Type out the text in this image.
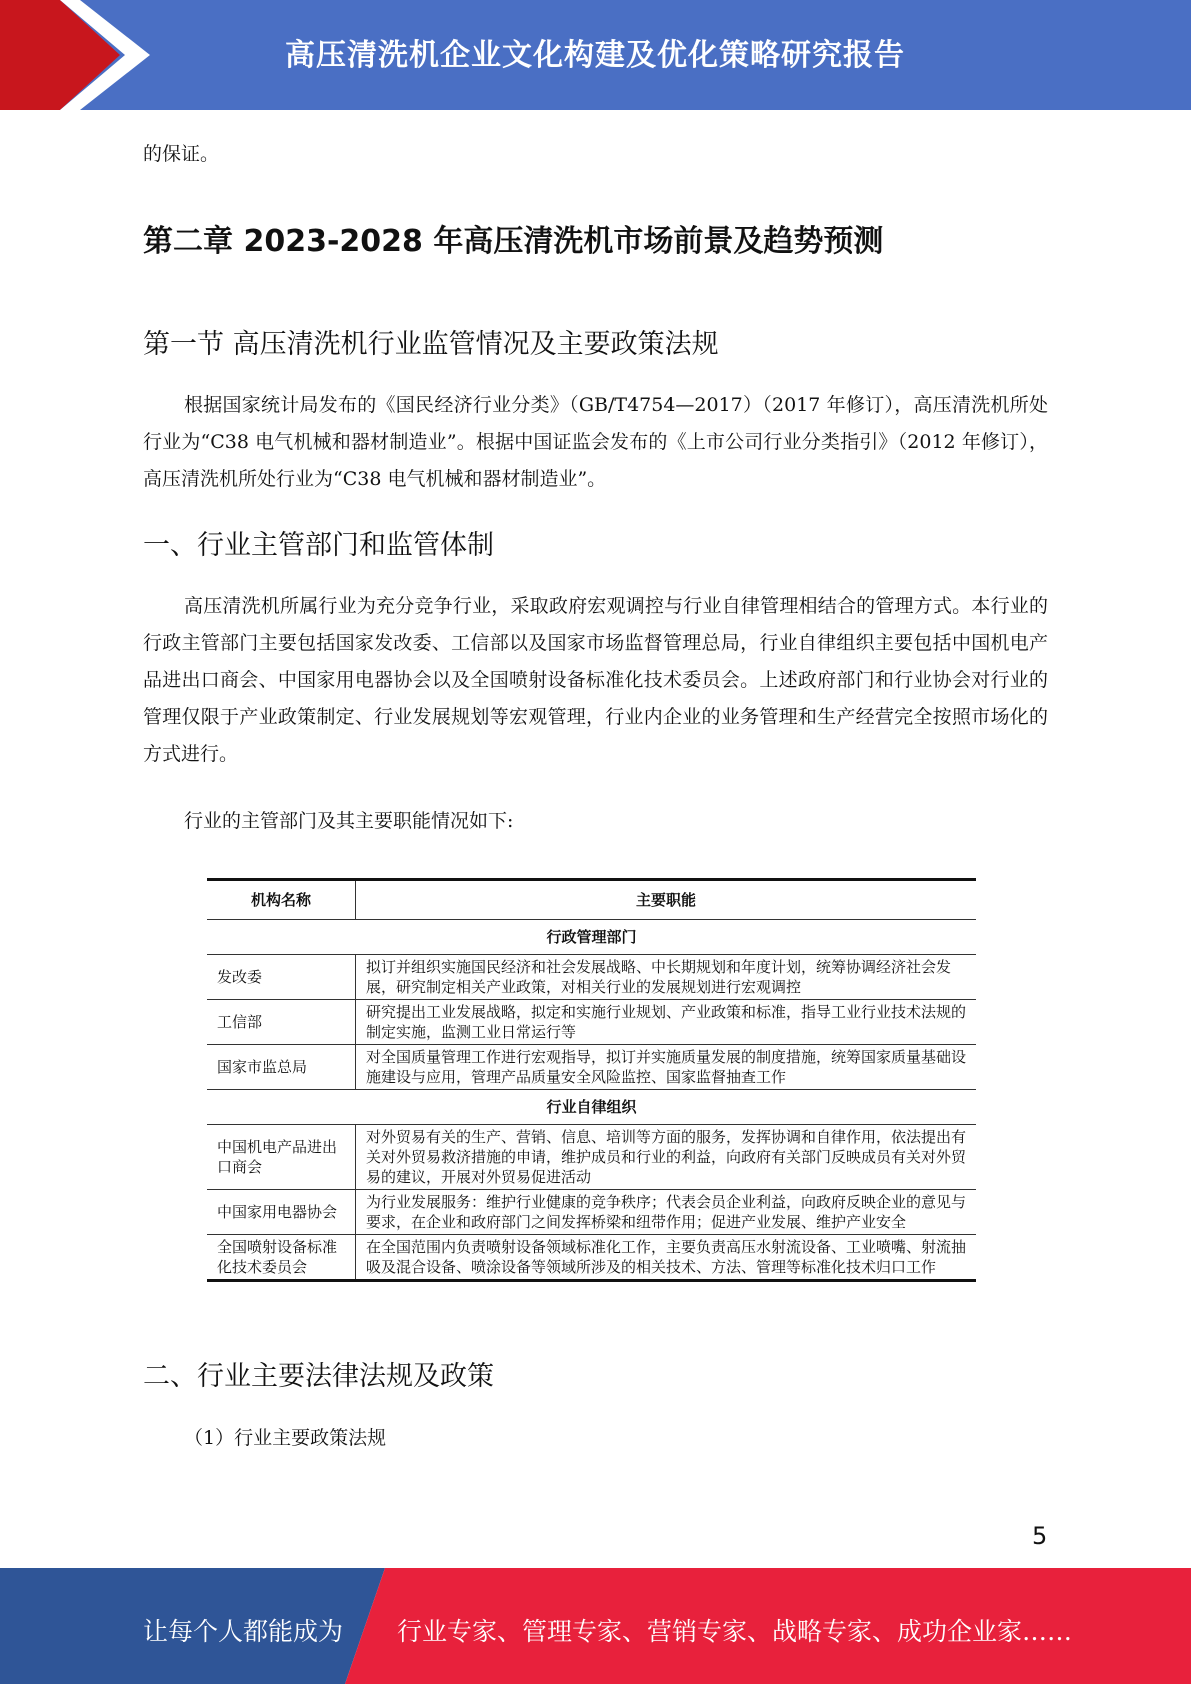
高压清洗机企业文化构建及优化策略研究报告
的保证。
第二章 2023-2028 年高压清洗机市场前景及趋势预测
第一节 高压清洗机行业监管情况及主要政策法规

根据国家统计局发布的《国民经济行业分类》（GB/T4754—2017）（2017 年修订），高压清洗机所处行业为“C38 电气机械和器材制造业”。根据中国证监会发布的《上市公司行业分类指引》（2012 年修订），高压清洗机所处行业为“C38 电气机械和器材制造业”。

一、行业主管部门和监管体制

高压清洗机所属行业为充分竞争行业，采取政府宏观调控与行业自律管理相结合的管理方式。本行业的行政主管部门主要包括国家发改委、工信部以及国家市场监督管理总局，行业自律组织主要包括中国机电产品进出口商会、中国家用电器协会以及全国喷射设备标准化技术委员会。上述政府部门和行业协会对行业的管理仅限于产业政策制定、行业发展规划等宏观管理，行业内企业的业务管理和生产经营完全按照市场化的方式进行。

行业的主管部门及其主要职能情况如下:
机构名称	主要职能
行政管理部门	
发改委	拟订并组织实施国民经济和社会发展战略、中长期规划和年度计划，统筹协调经济社会发展，研究制定相关产业政策，对相关行业的发展规划进行宏观调控
工信部	研究提出工业发展战略，拟定和实施行业规划、产业政策和标准，指导工业行业技术法规的制定实施，监测工业日常运行等
国家市监总局	对全国质量管理工作进行宏观指导，拟订并实施质量发展的制度措施，统筹国家质量基础设施建设与应用，管理产品质量安全风险监控、国家监督抽查工作
行业自律组织	
中国机电产品进出口商会	对外贸易有关的生产、营销、信息、培训等方面的服务，发挥协调和自律作用，依法提出有关对外贸易救济措施的申请，维护成员和行业的利益，向政府有关部门反映成员有关对外贸易的建议，开展对外贸易促进活动
中国家用电器协会	为行业发展服务：维护行业健康的竞争秩序；代表会员企业利益，向政府反映企业的意见与要求，在企业和政府部门之间发挥桥梁和纽带作用；促进产业发展、维护产业安全
全国喷射设备标准化技术委员会	在全国范围内负责喷射设备领域标准化工作，主要负责高压水射流设备、工业喷嘴、射流抽吸及混合设备、喷涂设备等领域所涉及的相关技术、方法、管理等标准化技术归口工作
二、行业主要法律法规及政策
（1）行业主要政策法规
5
让每个人都能成为 行业专家、管理专家、营销专家、战略专家、成功企业家……
